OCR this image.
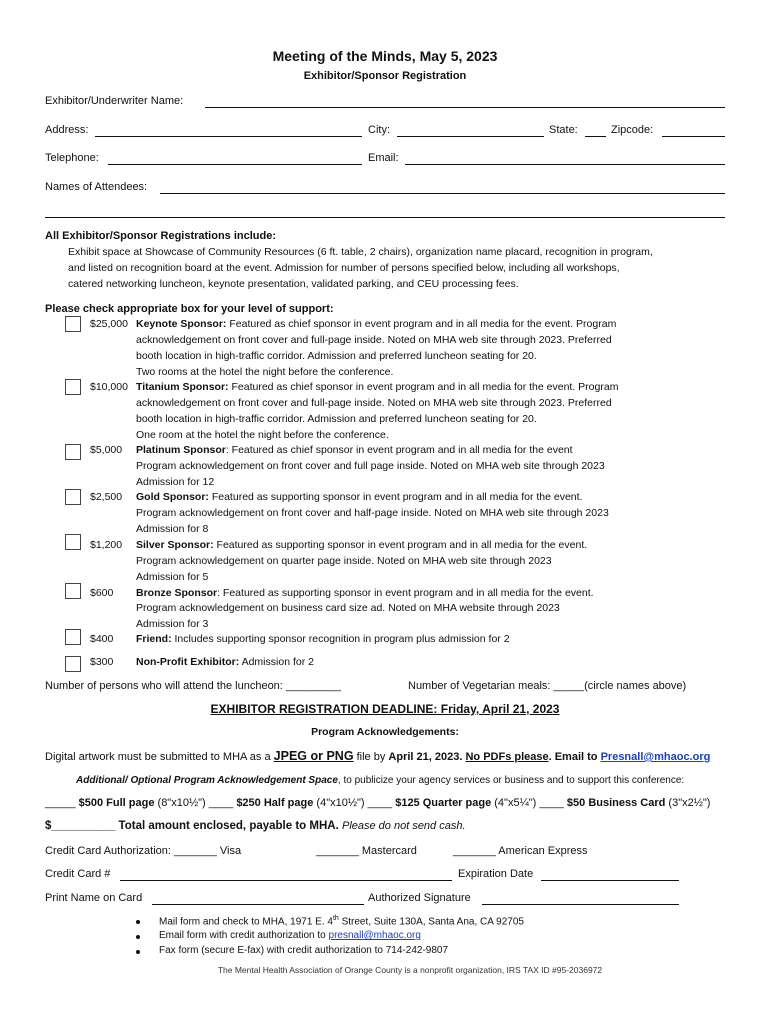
Meeting of the Minds, May 5, 2023
Exhibitor/Sponsor Registration
Exhibitor/Underwriter Name:
Address:	City:	State:	Zipcode:
Telephone:	Email:
Names of Attendees:
All Exhibitor/Sponsor Registrations include:
Exhibit space at Showcase of Community Resources (6 ft. table, 2 chairs), organization name placard, recognition in program,
and listed on recognition board at the event. Admission for number of persons specified below, including all workshops,
catered networking luncheon, keynote presentation, validated parking, and CEU processing fees.
Please check appropriate box for your level of support:
$25,000 Keynote Sponsor: Featured as chief sponsor in event program and in all media for the event. Program
acknowledgement on front cover and full-page inside. Noted on MHA web site through 2023. Preferred
booth location in high-traffic corridor. Admission and preferred luncheon seating for 20.
Two rooms at the hotel the night before the conference.
$10,000 Titanium Sponsor: Featured as chief sponsor in event program and in all media for the event. Program
acknowledgement on front cover and full-page inside. Noted on MHA web site through 2023. Preferred
booth location in high-traffic corridor. Admission and preferred luncheon seating for 20.
One room at the hotel the night before the conference.
$5,000 Platinum Sponsor: Featured as chief sponsor in event program and in all media for the event
Program acknowledgement on front cover and full page inside. Noted on MHA web site through 2023
Admission for 12
$2,500 Gold Sponsor: Featured as supporting sponsor in event program and in all media for the event.
Program acknowledgement on front cover and half-page inside. Noted on MHA web site through 2023
Admission for 8
$1,200 Silver Sponsor: Featured as supporting sponsor in event program and in all media for the event.
Program acknowledgement on quarter page inside. Noted on MHA web site through 2023
Admission for 5
$600 Bronze Sponsor: Featured as supporting sponsor in event program and in all media for the event.
Program acknowledgement on business card size ad. Noted on MHA website through 2023
Admission for 3
$400 Friend: Includes supporting sponsor recognition in program plus admission for 2
$300 Non-Profit Exhibitor: Admission for 2
Number of persons who will attend the luncheon: _________	Number of Vegetarian meals: _____(circle names above)
EXHIBITOR REGISTRATION DEADLINE: Friday, April 21, 2023
Program Acknowledgements:
Digital artwork must be submitted to MHA as a JPEG or PNG file by April 21, 2023. No PDFs please. Email to Presnall@mhaoc.org
Additional/ Optional Program Acknowledgement Space, to publicize your agency services or business and to support this conference:
_____ $500 Full page (8"x10½") ____ $250 Half page (4"x10½") ____ $125 Quarter page (4"x5¼") ____ $50 Business Card (3"x2½")
$__________ Total amount enclosed, payable to MHA. Please do not send cash.
Credit Card Authorization: _______ Visa	_______ Mastercard	_______ American Express
Credit Card #	Expiration Date
Print Name on Card	Authorized Signature
Mail form and check to MHA, 1971 E. 4th Street, Suite 130A, Santa Ana, CA 92705
Email form with credit authorization to presnall@mhaoc.org
Fax form (secure E-fax) with credit authorization to 714-242-9807
The Mental Health Association of Orange County is a nonprofit organization, IRS TAX ID #95-2036972
